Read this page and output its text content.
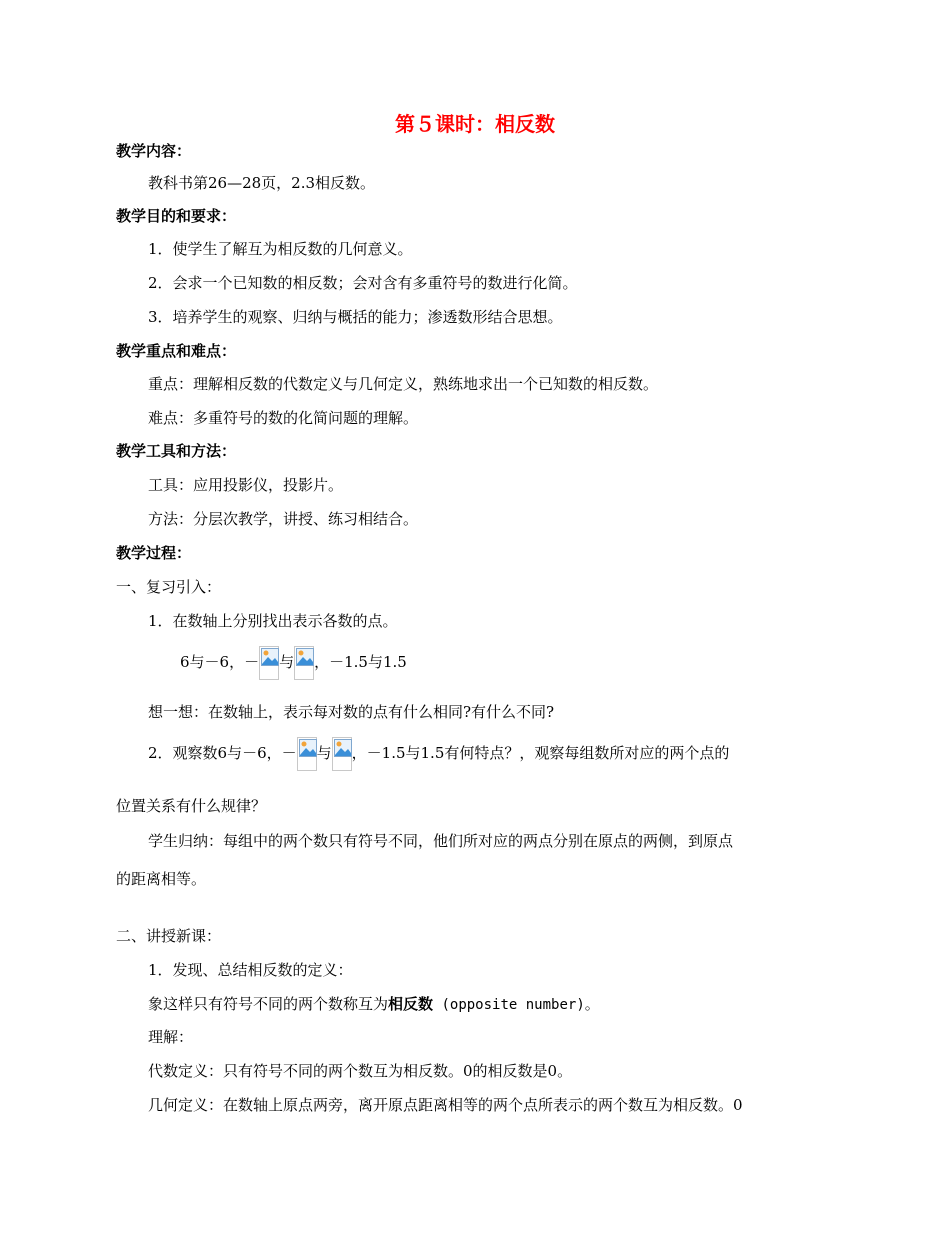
第５课时：相反数
教学内容：
教科书第26—28页，2.3相反数。
教学目的和要求：
1．使学生了解互为相反数的几何意义。
2．会求一个已知数的相反数；会对含有多重符号的数进行化简。
3．培养学生的观察、归纳与概括的能力；渗透数形结合思想。
教学重点和难点：
重点：理解相反数的代数定义与几何定义，熟练地求出一个已知数的相反数。
难点：多重符号的数的化简问题的理解。
教学工具和方法：
工具：应用投影仪，投影片。
方法：分层次教学，讲授、练习相结合。
教学过程：
一、复习引入：
1．在数轴上分别找出表示各数的点。
6与－6，－ 与 ，－1.5与1.5
想一想：在数轴上，表示每对数的点有什么相同?有什么不同?
2．观察数6与－6，－ 与 ，－1.5与1.5有何特点？，观察每组数所对应的两个点的
位置关系有什么规律？
学生归纳：每组中的两个数只有符号不同，他们所对应的两点分别在原点的两侧，到原点
的距离相等。
二、讲授新课：
1．发现、总结相反数的定义：
象这样只有符号不同的两个数称互为相反数 (opposite number)。
理解：
代数定义：只有符号不同的两个数互为相反数。0的相反数是0。
几何定义：在数轴上原点两旁，离开原点距离相等的两个点所表示的两个数互为相反数。0
